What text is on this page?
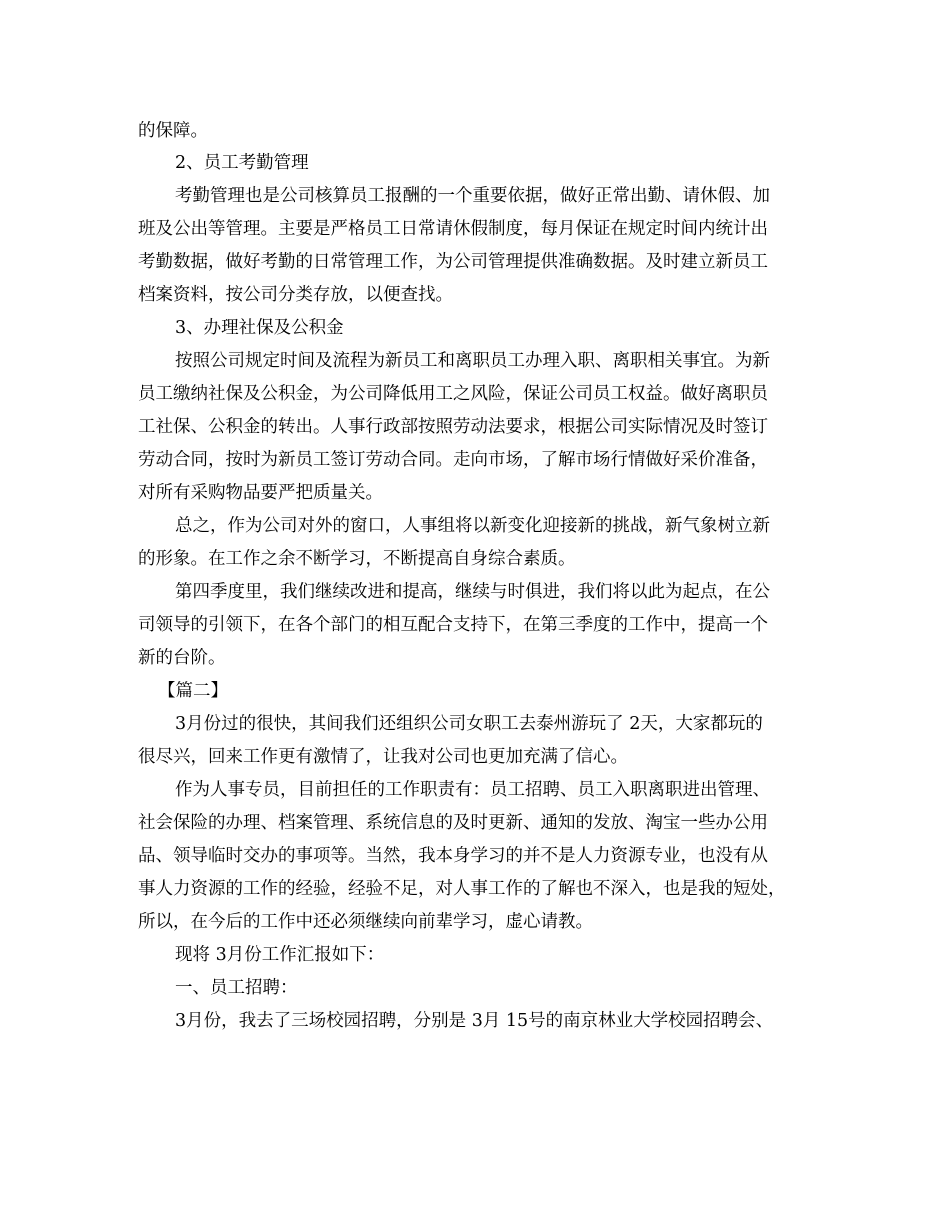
的保障。
2、员工考勤管理
考勤管理也是公司核算员工报酬的一个重要依据，做好正常出勤、请休假、加
班及公出等管理。主要是严格员工日常请休假制度，每月保证在规定时间内统计出
考勤数据，做好考勤的日常管理工作，为公司管理提供准确数据。及时建立新员工
档案资料，按公司分类存放，以便查找。
3、办理社保及公积金
按照公司规定时间及流程为新员工和离职员工办理入职、离职相关事宜。为新
员工缴纳社保及公积金，为公司降低用工之风险，保证公司员工权益。做好离职员
工社保、公积金的转出。人事行政部按照劳动法要求，根据公司实际情况及时签订
劳动合同，按时为新员工签订劳动合同。走向市场，了解市场行情做好采价准备，
对所有采购物品要严把质量关。
总之，作为公司对外的窗口，人事组将以新变化迎接新的挑战，新气象树立新
的形象。在工作之余不断学习，不断提高自身综合素质。
第四季度里，我们继续改进和提高，继续与时俱进，我们将以此为起点，在公
司领导的引领下，在各个部门的相互配合支持下，在第三季度的工作中，提高一个
新的台阶。
【篇二】
3月份过的很快，其间我们还组织公司女职工去泰州游玩了 2天，大家都玩的
很尽兴，回来工作更有激情了，让我对公司也更加充满了信心。
作为人事专员，目前担任的工作职责有：员工招聘、员工入职离职进出管理、
社会保险的办理、档案管理、系统信息的及时更新、通知的发放、淘宝一些办公用
品、领导临时交办的事项等。当然，我本身学习的并不是人力资源专业，也没有从
事人力资源的工作的经验，经验不足，对人事工作的了解也不深入，也是我的短处，
所以，在今后的工作中还必须继续向前辈学习，虚心请教。
现将 3月份工作汇报如下：
一、员工招聘：
3月份，我去了三场校园招聘，分别是 3月 15号的南京林业大学校园招聘会、
